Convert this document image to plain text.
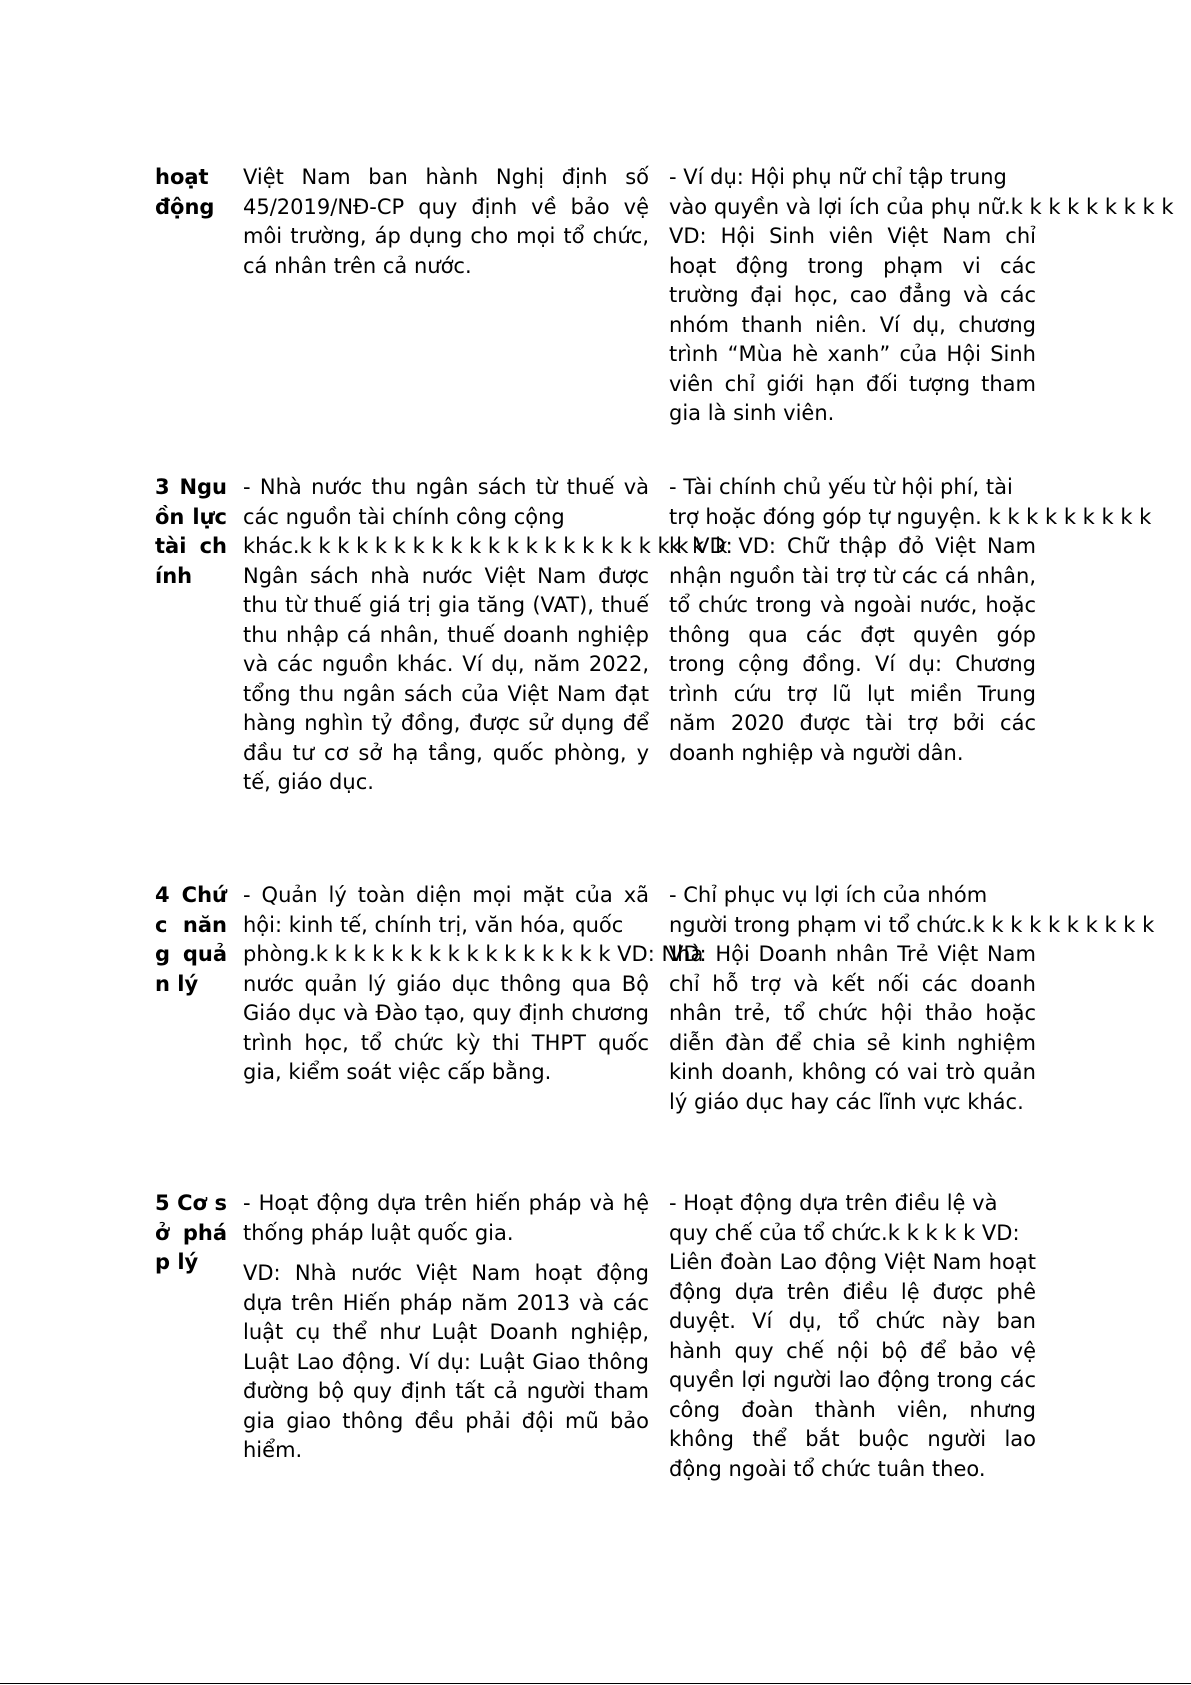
hoạt động

Việt Nam ban hành Nghị định số 45/2019/NĐ-CP quy định về bảo vệ môi trường, áp dụng cho mọi tổ chức, cá nhân trên cả nước.

- Ví dụ: Hội phụ nữ chỉ tập trung

vào quyền và lợi ích của phụ nữ.k k k k k k k k k

VD: Hội Sinh viên Việt Nam chỉ hoạt động trong phạm vi các trường đại học, cao đẳng và các nhóm thanh niên. Ví dụ, chương trình “Mùa hè xanh” của Hội Sinh viên chỉ giới hạn đối tượng tham gia là sinh viên.

3 Nguồn lực tài chính

- Nhà nước thu ngân sách từ thuế và các nguồn tài chính công cộng

khác.k k k k k k k k k k k k k k k k k k k k k VD:

Ngân sách nhà nước Việt Nam được thu từ thuế giá trị gia tăng (VAT), thuế thu nhập cá nhân, thuế doanh nghiệp và các nguồn khác. Ví dụ, năm 2022, tổng thu ngân sách của Việt Nam đạt hàng nghìn tỷ đồng, được sử dụng để đầu tư cơ sở hạ tầng, quốc phòng, y tế, giáo dục.

- Tài chính chủ yếu từ hội phí, tài

trợ hoặc đóng góp tự nguyện. k k k k k k k k k

k k k VD: Chữ thập đỏ Việt Nam nhận nguồn tài trợ từ các cá nhân, tổ chức trong và ngoài nước, hoặc thông qua các đợt quyên góp trong cộng đồng. Ví dụ: Chương trình cứu trợ lũ lụt miền Trung năm 2020 được tài trợ bởi các doanh nghiệp và người dân.

4 Chức năng quản lý

- Quản lý toàn diện mọi mặt của xã hội: kinh tế, chính trị, văn hóa, quốc

phòng.k k k k k k k k k k k k k k k k VD: Nhà

nước quản lý giáo dục thông qua Bộ Giáo dục và Đào tạo, quy định chương trình học, tổ chức kỳ thi THPT quốc gia, kiểm soát việc cấp bằng.

- Chỉ phục vụ lợi ích của nhóm

người trong phạm vi tổ chức.k k k k k k k k k k

VD: Hội Doanh nhân Trẻ Việt Nam chỉ hỗ trợ và kết nối các doanh nhân trẻ, tổ chức hội thảo hoặc diễn đàn để chia sẻ kinh nghiệm kinh doanh, không có vai trò quản lý giáo dục hay các lĩnh vực khác.

5 Cơ sở pháp lý

- Hoạt động dựa trên hiến pháp và hệ thống pháp luật quốc gia.

VD: Nhà nước Việt Nam hoạt động dựa trên Hiến pháp năm 2013 và các luật cụ thể như Luật Doanh nghiệp, Luật Lao động. Ví dụ: Luật Giao thông đường bộ quy định tất cả người tham gia giao thông đều phải đội mũ bảo hiểm.

- Hoạt động dựa trên điều lệ và

quy chế của tổ chức.k k k k k VD:

Liên đoàn Lao động Việt Nam hoạt động dựa trên điều lệ được phê duyệt. Ví dụ, tổ chức này ban hành quy chế nội bộ để bảo vệ quyền lợi người lao động trong các công đoàn thành viên, nhưng không thể bắt buộc người lao động ngoài tổ chức tuân theo.
